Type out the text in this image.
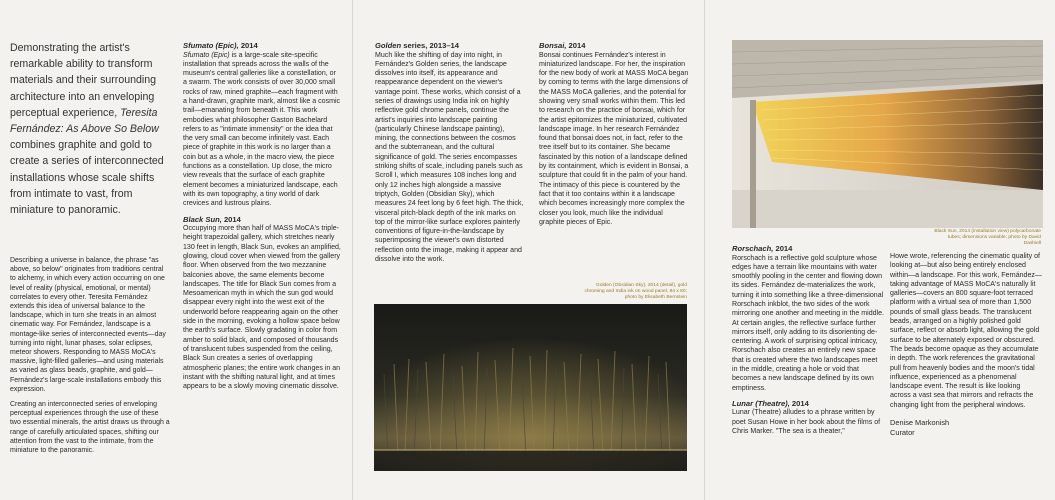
Demonstrating the artist's remarkable ability to transform materials and their surrounding architecture into an enveloping perceptual experience, Teresita Fernández: As Above So Below combines graphite and gold to create a series of interconnected installations whose scale shifts from intimate to vast, from miniature to panoramic.

Describing a universe in balance, the phrase "as above, so below" originates from traditions central to alchemy, in which every action occurring on one level of reality (physical, emotional, or mental) correlates to every other. Teresita Fernández extends this idea of universal balance to the landscape, which in turn she treats in an almost cinematic way. For Fernández, landscape is a montage-like series of interconnected events—day turning into night, lunar phases, solar eclipses, meteor showers. Responding to MASS MoCA's massive, light-filled galleries—and using materials as varied as glass beads, graphite, and gold—Fernández's large-scale installations embody this expression.

Creating an interconnected series of enveloping perceptual experiences through the use of these two essential minerals, the artist draws us through a range of carefully articulated spaces, shifting our attention from the vast to the intimate, from the miniature to the panoramic.

Sfumato (Epic), 2014

Sfumato (Epic) is a large-scale site-specific installation that spreads across the walls of the museum's central galleries like a constellation, or a swarm. The work consists of over 30,000 small rocks of raw, mined graphite—each fragment with a hand-drawn, graphite mark, almost like a cosmic trail—emanating from beneath it. This work embodies what philosopher Gaston Bachelard refers to as "intimate immensity" or the idea that the very small can become infinitely vast. Each piece of graphite in this work is no larger than a coin but as a whole, in the macro view, the piece functions as a constellation. Up close, the micro view reveals that the surface of each graphite element becomes a miniaturized landscape, each with its own topography, a tiny world of dark crevices and lustrous plains.

Black Sun, 2014

Occupying more than half of MASS MoCA's triple-height trapezoidal gallery, which stretches nearly 130 feet in length, Black Sun, evokes an amplified, glowing, cloud cover when viewed from the gallery floor. When observed from the two mezzanine balconies above, the same elements become landscapes. The title for Black Sun comes from a Mesoamerican myth in which the sun god would disappear every night into the west exit of the underworld before reappearing again on the other side in the morning, evoking a hollow space below the earth's surface. Slowly gradating in color from amber to solid black, and composed of thousands of translucent tubes suspended from the ceiling, Black Sun creates a series of overlapping atmospheric planes; the entire work changes in an instant with the shifting natural light, and at times appears to be a slowly moving cinematic dissolve.

Golden series, 2013–14

Much like the shifting of day into night, in Fernández's Golden series, the landscape dissolves into itself, its appearance and reappearance dependent on the viewer's vantage point. These works, which consist of a series of drawings using India ink on highly reflective gold chrome panels, continue the artist's inquiries into landscape painting (particularly Chinese landscape painting), mining, the connections between the cosmos and the subterranean, and the cultural significance of gold. The series encompasses striking shifts of scale, including panels such as Scroll I, which measures 108 inches long and only 12 inches high alongside a massive triptych, Golden (Obsidian Sky), which measures 24 feet long by 6 feet high. The thick, visceral pitch-black depth of the ink marks on top of the mirror-like surface explores painterly conventions of figure-in-the-landscape by superimposing the viewer's own distorted reflection onto the image, making it appear and dissolve into the work.

Bonsai, 2014

Bonsai continues Fernández's interest in miniaturized landscape. For her, the inspiration for the new body of work at MASS MoCA began by coming to terms with the large dimensions of the MASS MoCA galleries, and the potential for showing very small works within them. This led to research on the practice of bonsai, which for the artist epitomizes the miniaturized, cultivated landscape image. In her research Fernández found that bonsai does not, in fact, refer to the tree itself but to its container. She became fascinated by this notion of a landscape defined by its containment, which is evident in Bonsai, a sculpture that could fit in the palm of your hand. The intimacy of this piece is countered by the fact that it too contains within it a landscape which becomes increasingly more complex the closer you look, much like the individual graphite pieces of Epic.

Golden (Obsidian Sky), 2014 (detail), gold chroming and India ink on wood panel, 84 x 80; photo by Elisabeth Bernstein
Black Sun, 2014 (installation view) polycarbonate tubes; dimensions variable; photo by David Dashiell
Rorschach, 2014

Rorschach is a reflective gold sculpture whose edges have a terrain like mountains with water smoothly pooling in the center and flowing down its sides. Fernández de-materializes the work, turning it into something like a three-dimensional Rorschach inkblot, the two sides of the work mirroring one another and meeting in the middle. At certain angles, the reflective surface further mirrors itself, only adding to its disorienting de-centering. A work of surprising optical intricacy, Rorschach also creates an entirely new space that is created where the two landscapes meet in the middle, creating a hole or void that becomes a new landscape defined by its own emptiness.

Lunar (Theatre), 2014

Lunar (Theatre) alludes to a phrase written by poet Susan Howe in her book about the films of Chris Marker. "The sea is a theater,"

Howe wrote, referencing the cinematic quality of looking at—but also being entirely enclosed within—a landscape. For this work, Fernández—taking advantage of MASS MoCA's naturally lit galleries—covers an 800 square-foot terraced platform with a virtual sea of more than 1,500 pounds of small glass beads. The translucent beads, arranged on a highly polished gold surface, reflect or absorb light, allowing the gold surface to be alternately exposed or obscured. The beads become opaque as they accumulate in depth. The work references the gravitational pull from heavenly bodies and the moon's tidal influence, experienced as a phenomenal landscape event. The result is like looking across a vast sea that mirrors and refracts the changing light from the peripheral windows.

Denise Markonish
Curator
